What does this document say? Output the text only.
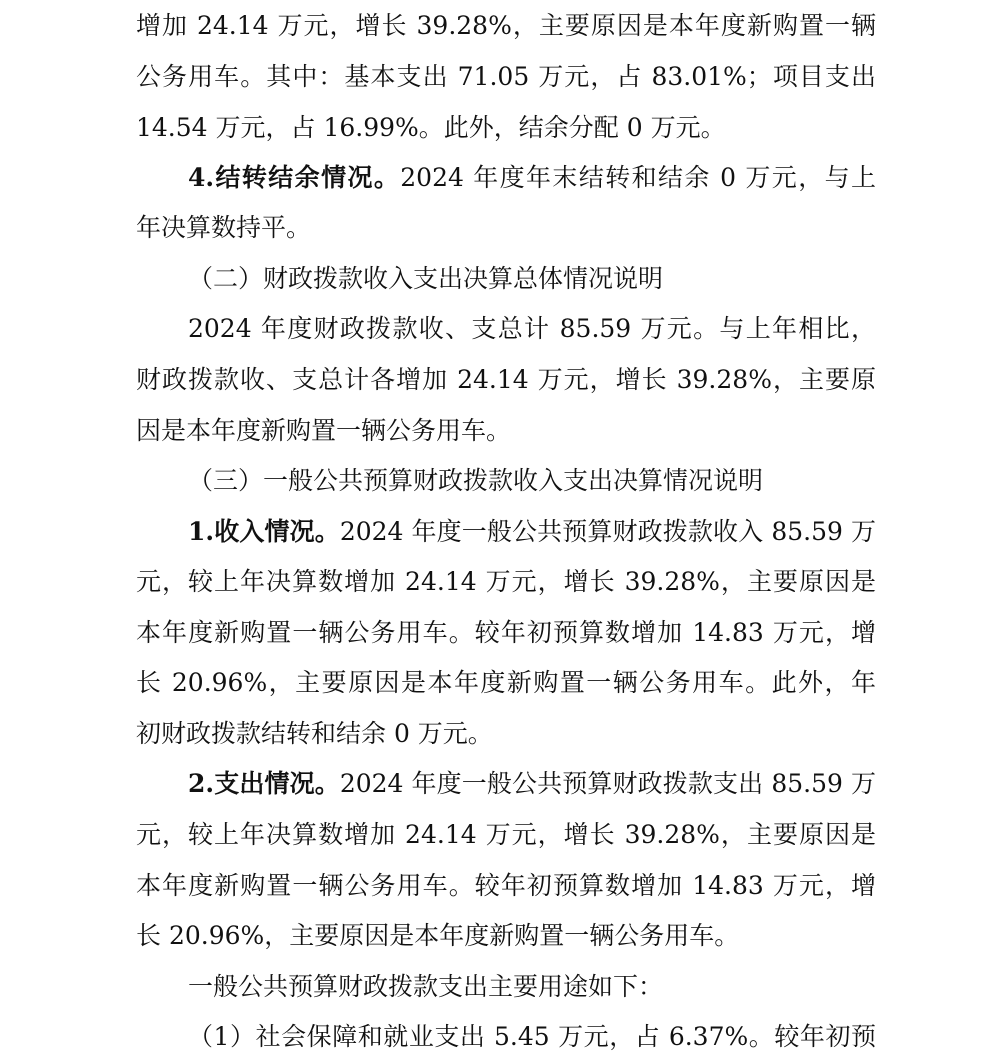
增加 24.14 万元，增长 39.28%，主要原因是本年度新购置一辆
公务用车。其中：基本支出 71.05 万元，占 83.01%；项目支出
14.54 万元，占 16.99%。此外，结余分配 0 万元。
4.结转结余情况。2024 年度年末结转和结余 0 万元，与上
年决算数持平。
（二）财政拨款收入支出决算总体情况说明
2024 年度财政拨款收、支总计 85.59 万元。与上年相比，
财政拨款收、支总计各增加 24.14 万元，增长 39.28%，主要原
因是本年度新购置一辆公务用车。
（三）一般公共预算财政拨款收入支出决算情况说明
1.收入情况。2024 年度一般公共预算财政拨款收入 85.59 万
元，较上年决算数增加 24.14 万元，增长 39.28%，主要原因是
本年度新购置一辆公务用车。较年初预算数增加 14.83 万元，增
长 20.96%，主要原因是本年度新购置一辆公务用车。此外，年
初财政拨款结转和结余 0 万元。
2.支出情况。2024 年度一般公共预算财政拨款支出 85.59 万
元，较上年决算数增加 24.14 万元，增长 39.28%，主要原因是
本年度新购置一辆公务用车。较年初预算数增加 14.83 万元，增
长 20.96%，主要原因是本年度新购置一辆公务用车。
一般公共预算财政拨款支出主要用途如下：
（1）社会保障和就业支出 5.45 万元，占 6.37%。较年初预
